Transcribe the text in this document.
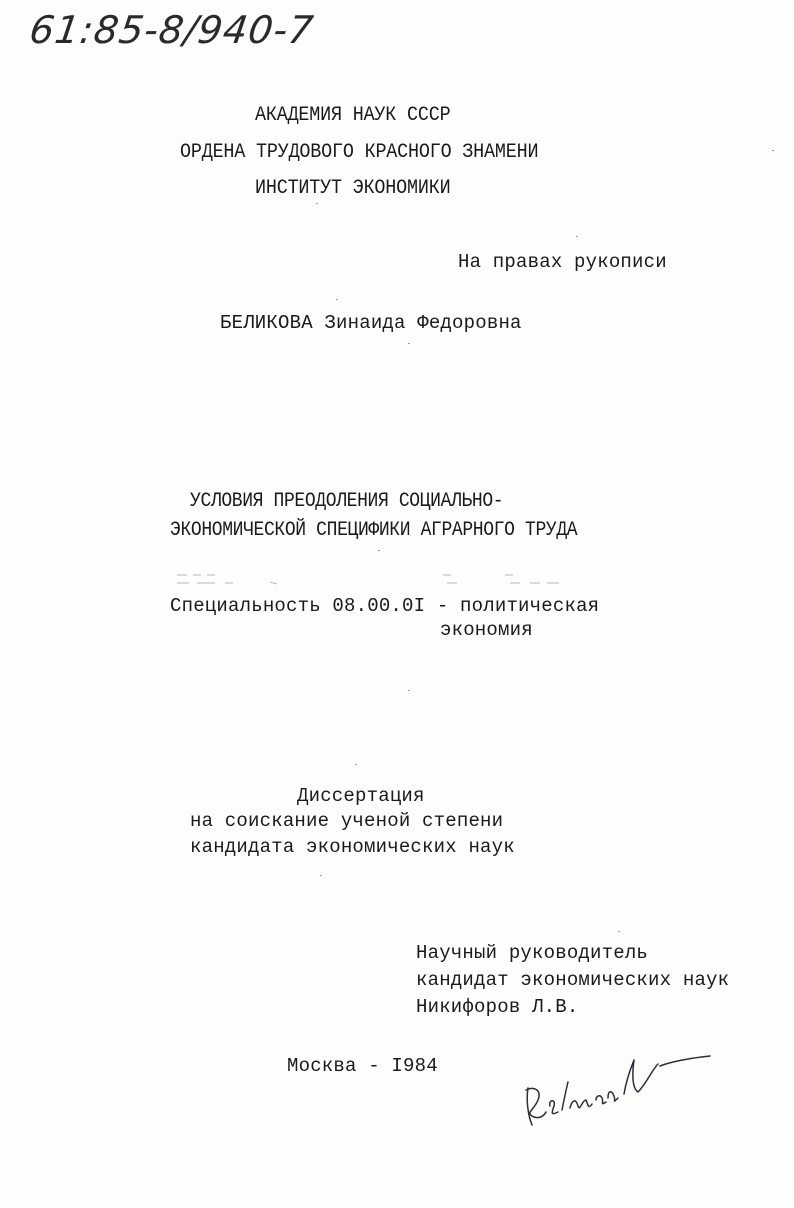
61:85-8/940-7
АКАДЕМИЯ НАУК СССР
ОРДЕНА ТРУДОВОГО КРАСНОГО ЗНАМЕНИ
ИНСТИТУТ ЭКОНОМИКИ
На правах рукописи
БЕЛИКОВА Зинаида Федоровна
УСЛОВИЯ ПРЕОДОЛЕНИЯ СОЦИАЛЬНО-
ЭКОНОМИЧЕСКОЙ СПЕЦИФИКИ АГРАРНОГО ТРУДА
Специальность 08.00.0I - политическая
экономия
Диссертация
на соискание ученой степени
кандидата экономических наук
Научный руководитель
кандидат экономических наук
Никифоров Л.В.
Москва - I984
